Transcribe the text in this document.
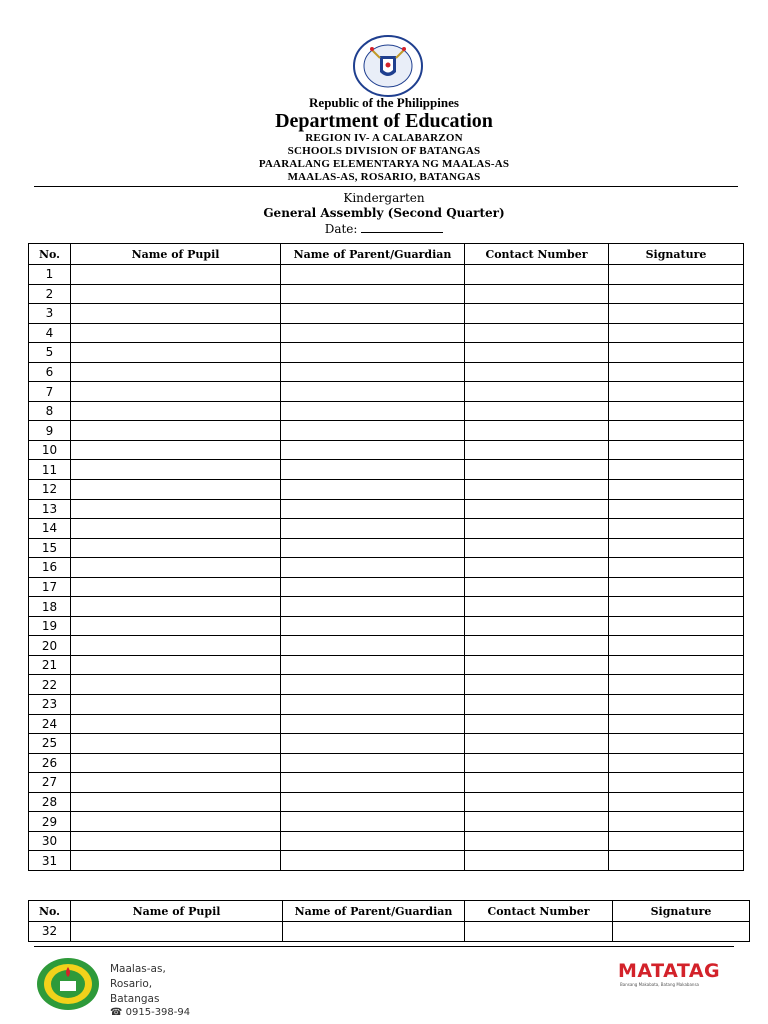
Republic of the Philippines
Department of Education
REGION IV- A CALABARZON
SCHOOLS DIVISION OF BATANGAS
PAARALANG ELEMENTARYA NG MAALAS-AS
MAALAS-AS, ROSARIO, BATANGAS
Kindergarten
General Assembly (Second Quarter)
Date:
No.	Name of Pupil	Name of Parent/Guardian	Contact Number	Signature
1				
2				
3				
4				
5				
6				
7				
8				
9				
10				
11				
12				
13				
14				
15				
16				
17				
18				
19				
20				
21				
22				
23				
24				
25				
26				
27				
28				
29				
30				
31				
No.	Name of Pupil	Name of Parent/Guardian	Contact Number	Signature
32				
Maalas-as,
Rosario,
Batangas
☎ 0915-398-94
MATATAG
Bansang Makabata, Batang Makabansa
